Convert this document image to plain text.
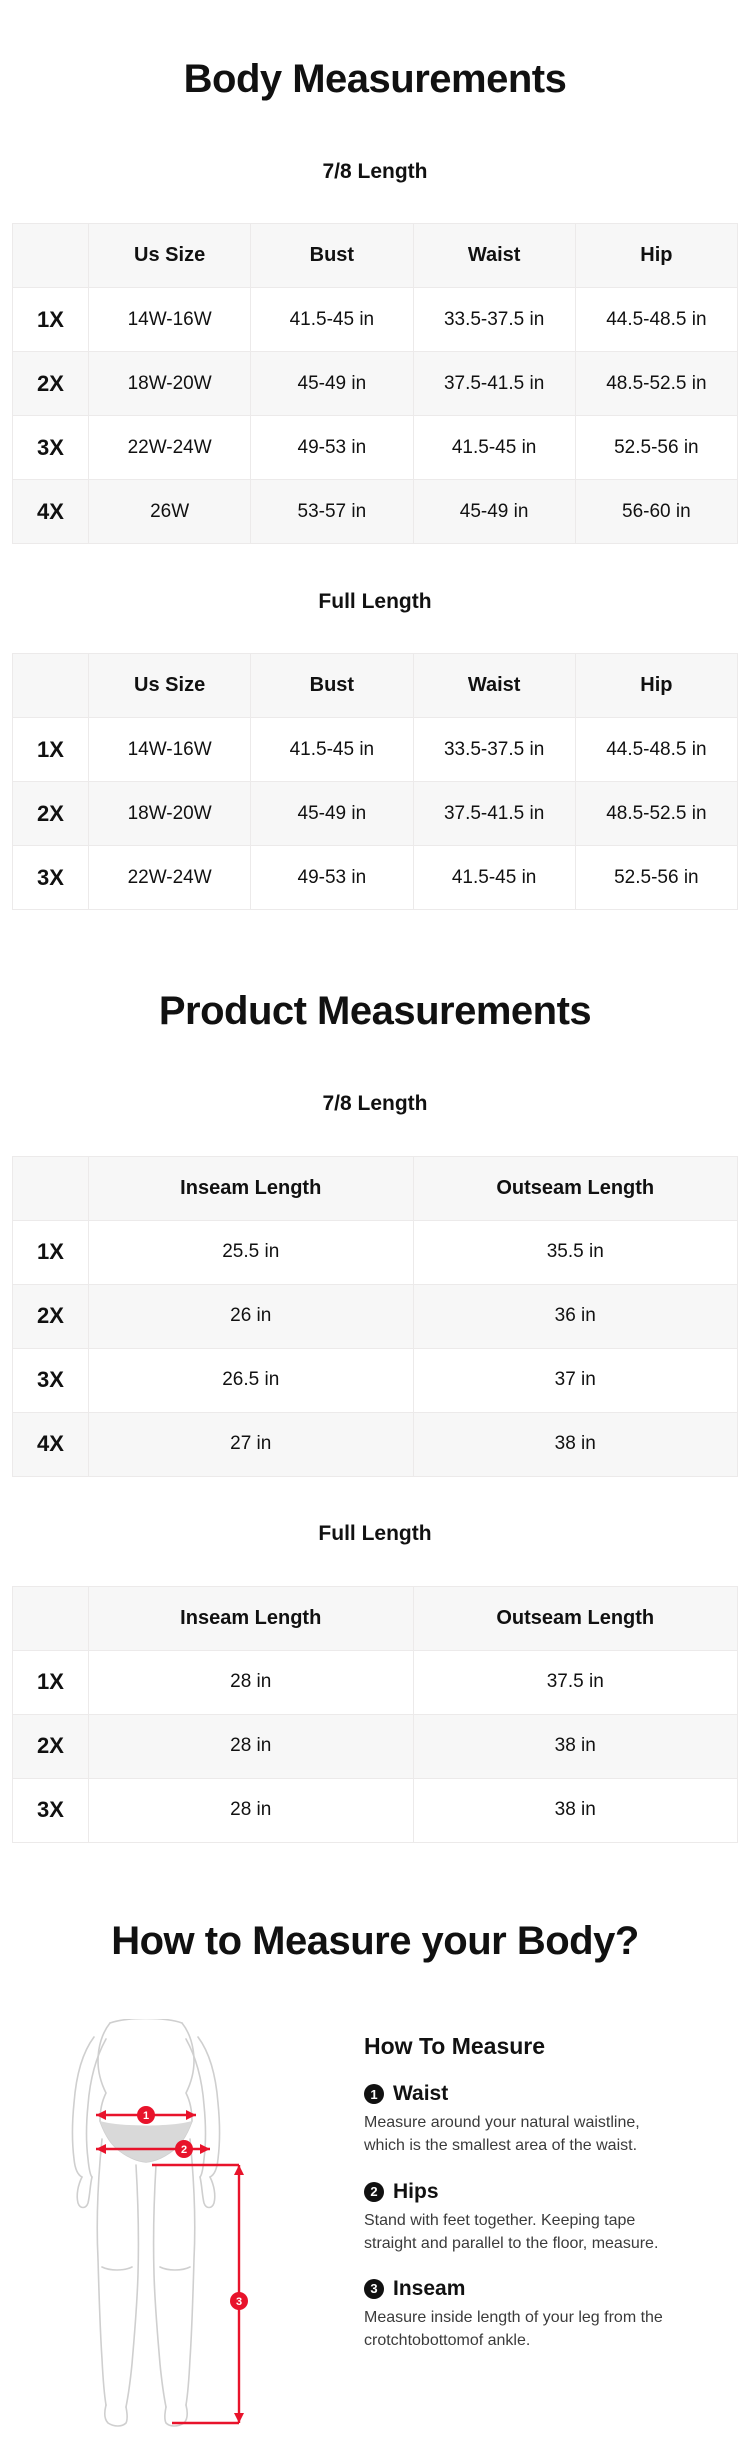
Body Measurements
7/8 Length
	Us Size	Bust	Waist	Hip
1X	14W-16W	41.5-45 in	33.5-37.5 in	44.5-48.5 in
2X	18W-20W	45-49 in	37.5-41.5 in	48.5-52.5 in
3X	22W-24W	49-53 in	41.5-45 in	52.5-56 in
4X	26W	53-57 in	45-49 in	56-60 in
Full Length
	Us Size	Bust	Waist	Hip
1X	14W-16W	41.5-45 in	33.5-37.5 in	44.5-48.5 in
2X	18W-20W	45-49 in	37.5-41.5 in	48.5-52.5 in
3X	22W-24W	49-53 in	41.5-45 in	52.5-56 in
Product Measurements
7/8 Length
	Inseam Length	Outseam Length
1X	25.5 in	35.5 in
2X	26 in	36 in
3X	26.5 in	37 in
4X	27 in	38 in
Full Length
	Inseam Length	Outseam Length
1X	28 in	37.5 in
2X	28 in	38 in
3X	28 in	38 in
How to Measure your Body?
1
2
3
How To Measure
1 Waist
Measure around your natural waistline, which is the smallest area of the waist.
2 Hips
Stand with feet together. Keeping tape straight and parallel to the floor, measure.
3 Inseam
Measure inside length of your leg from the crotchtobottomof ankle.
